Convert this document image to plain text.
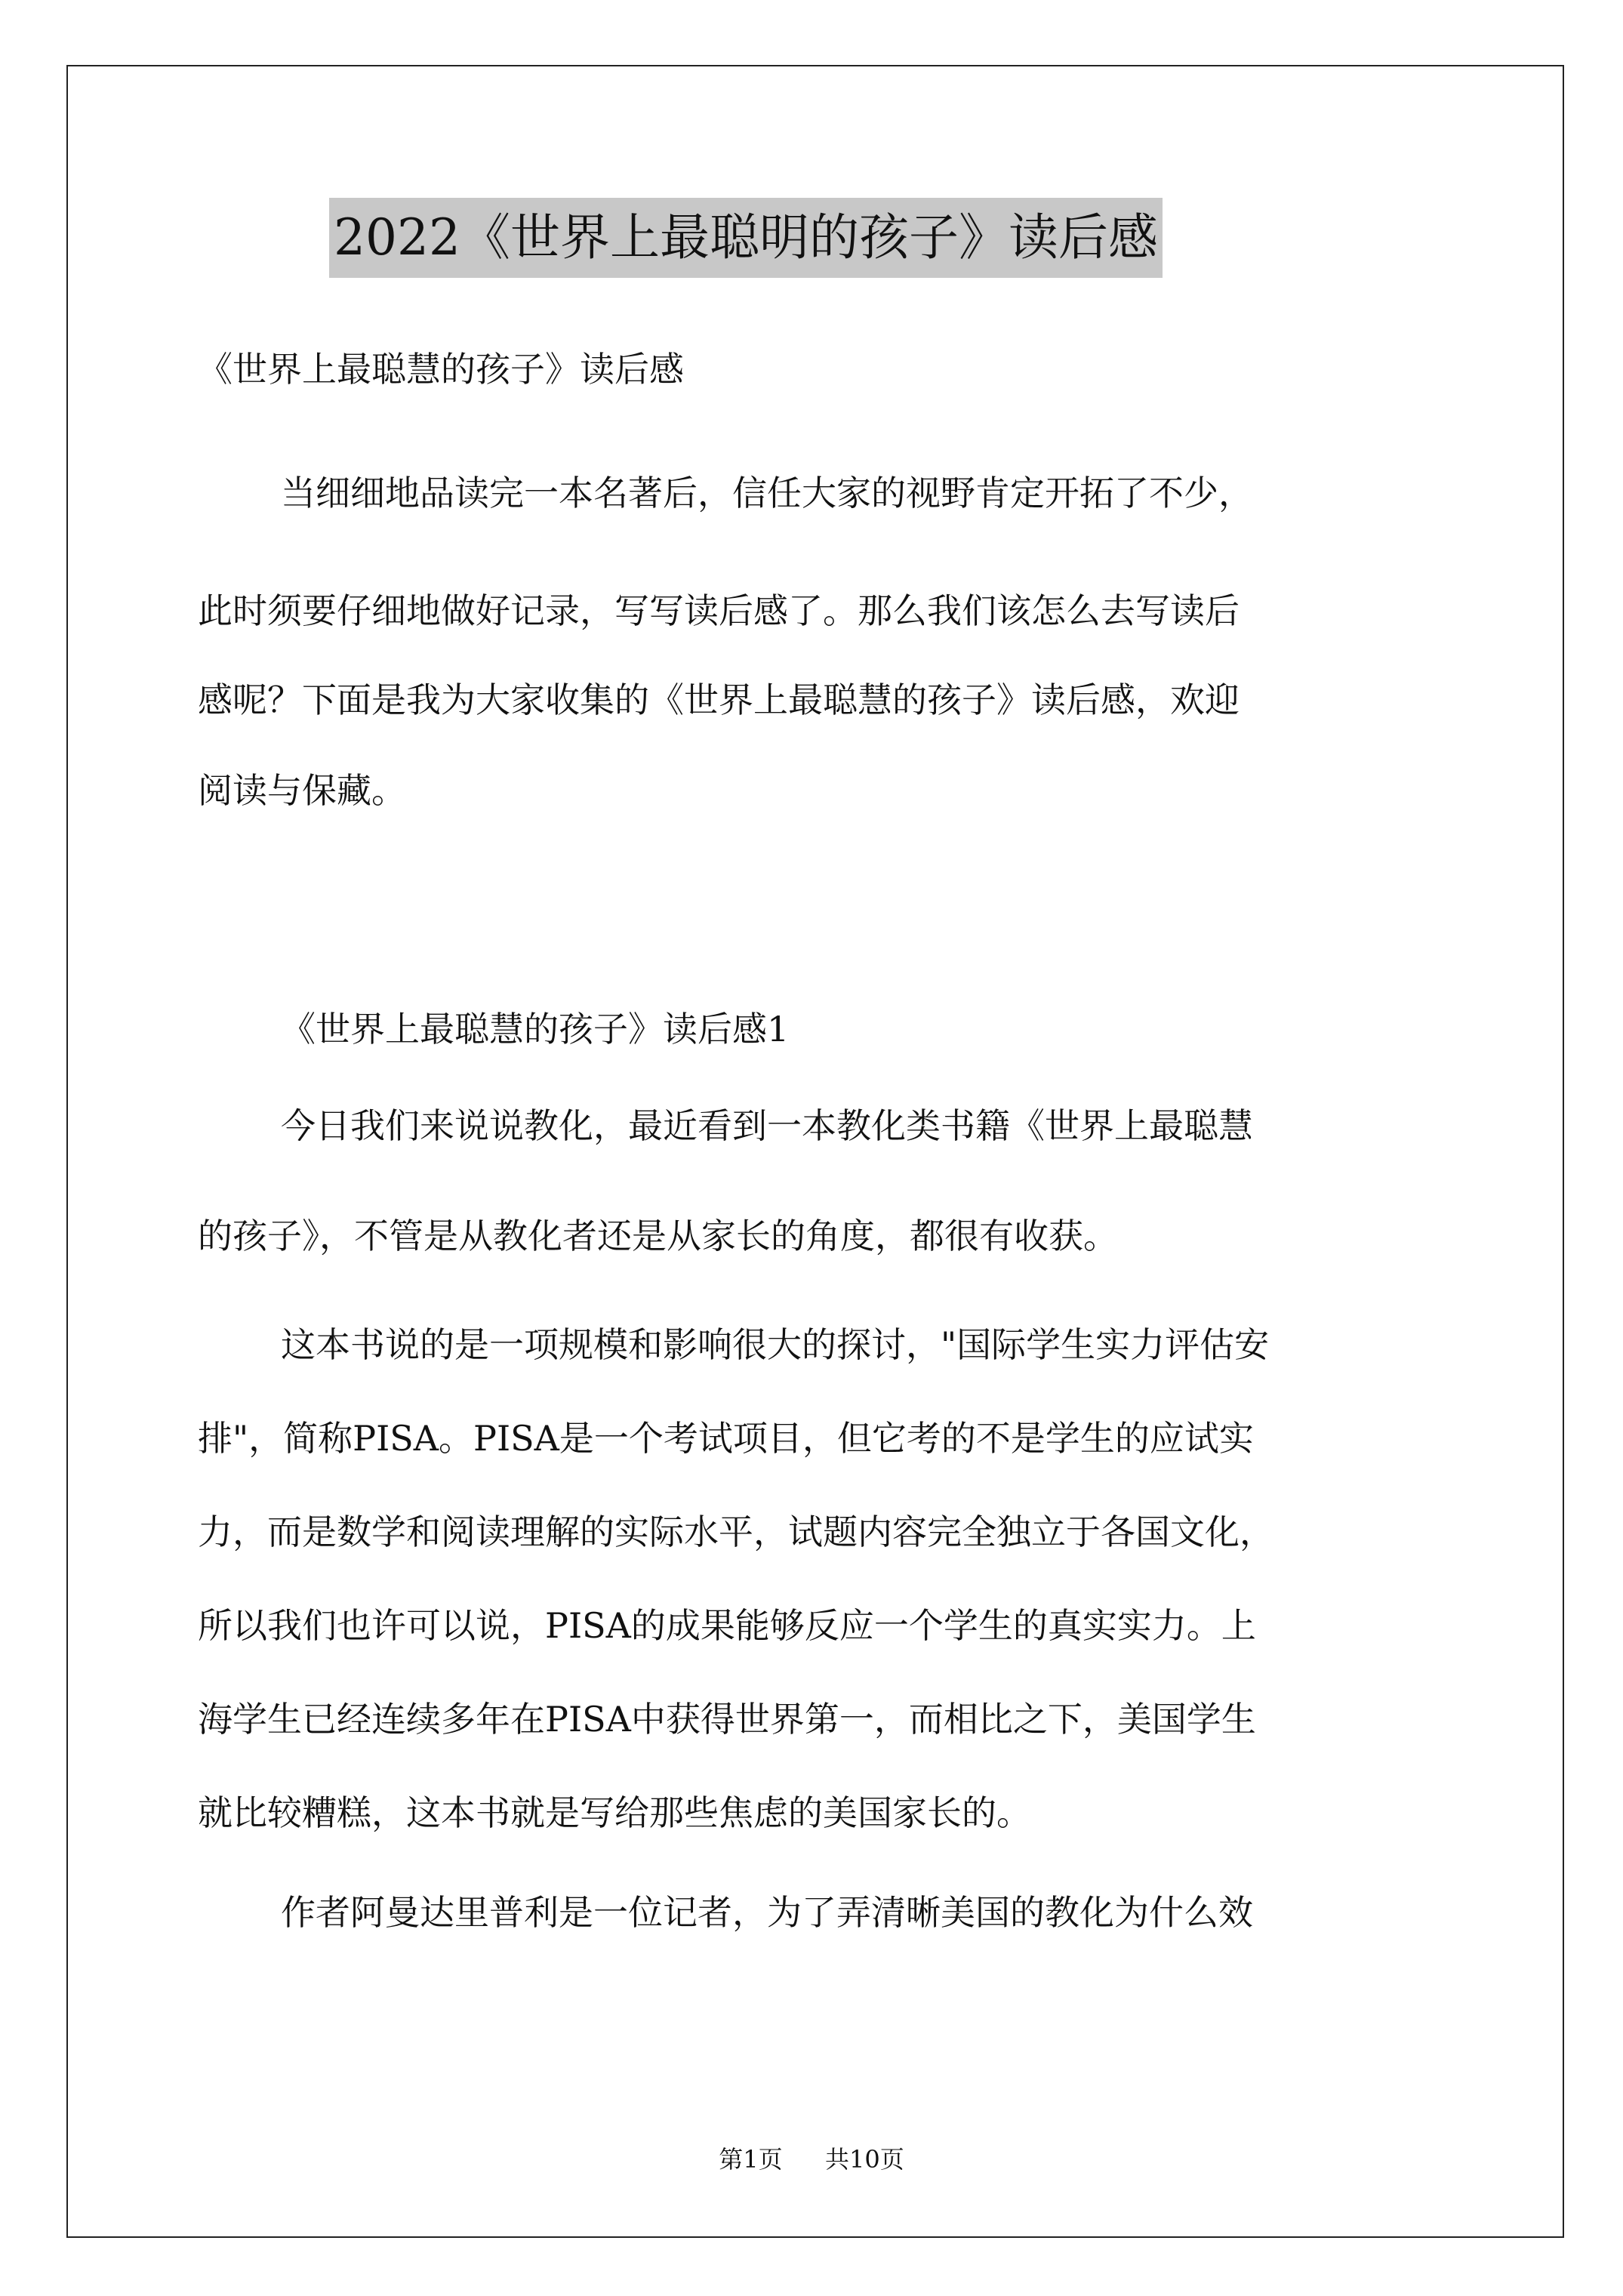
2022《世界上最聪明的孩子》读后感
《世界上最聪慧的孩子》读后感
当细细地品读完一本名著后，信任大家的视野肯定开拓了不少，
此时须要仔细地做好记录，写写读后感了。那么我们该怎么去写读后
感呢？下面是我为大家收集的《世界上最聪慧的孩子》读后感，欢迎
阅读与保藏。
《世界上最聪慧的孩子》读后感1
今日我们来说说教化，最近看到一本教化类书籍《世界上最聪慧
的孩子》，不管是从教化者还是从家长的角度，都很有收获。
这本书说的是一项规模和影响很大的探讨，"国际学生实力评估安
排"，简称PISA。PISA是一个考试项目，但它考的不是学生的应试实
力，而是数学和阅读理解的实际水平，试题内容完全独立于各国文化，
所以我们也许可以说，PISA的成果能够反应一个学生的真实实力。上
海学生已经连续多年在PISA中获得世界第一，而相比之下，美国学生
就比较糟糕，这本书就是写给那些焦虑的美国家长的。
作者阿曼达里普利是一位记者，为了弄清晰美国的教化为什么效
第1页 共10页
